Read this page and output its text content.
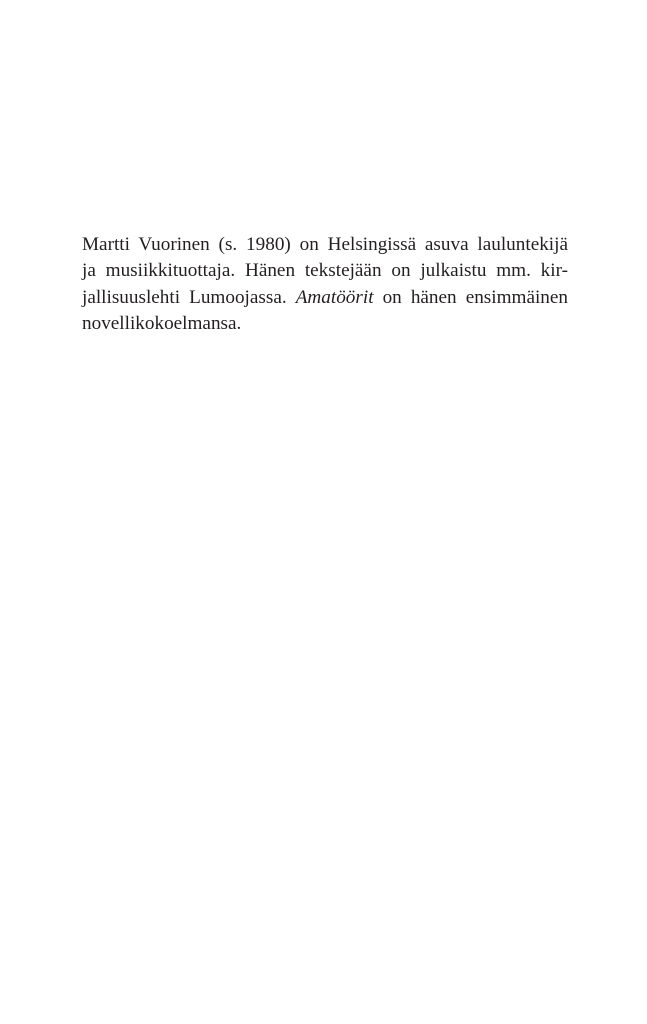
Martti Vuorinen (s. 1980) on Helsingissä asuva lauluntekijä
ja musiikkituottaja. Hänen tekstejään on julkaistu mm. kir-
jallisuuslehti Lumoojassa. Amatöörit on hänen ensimmäinen
novellikokoelmansa.
